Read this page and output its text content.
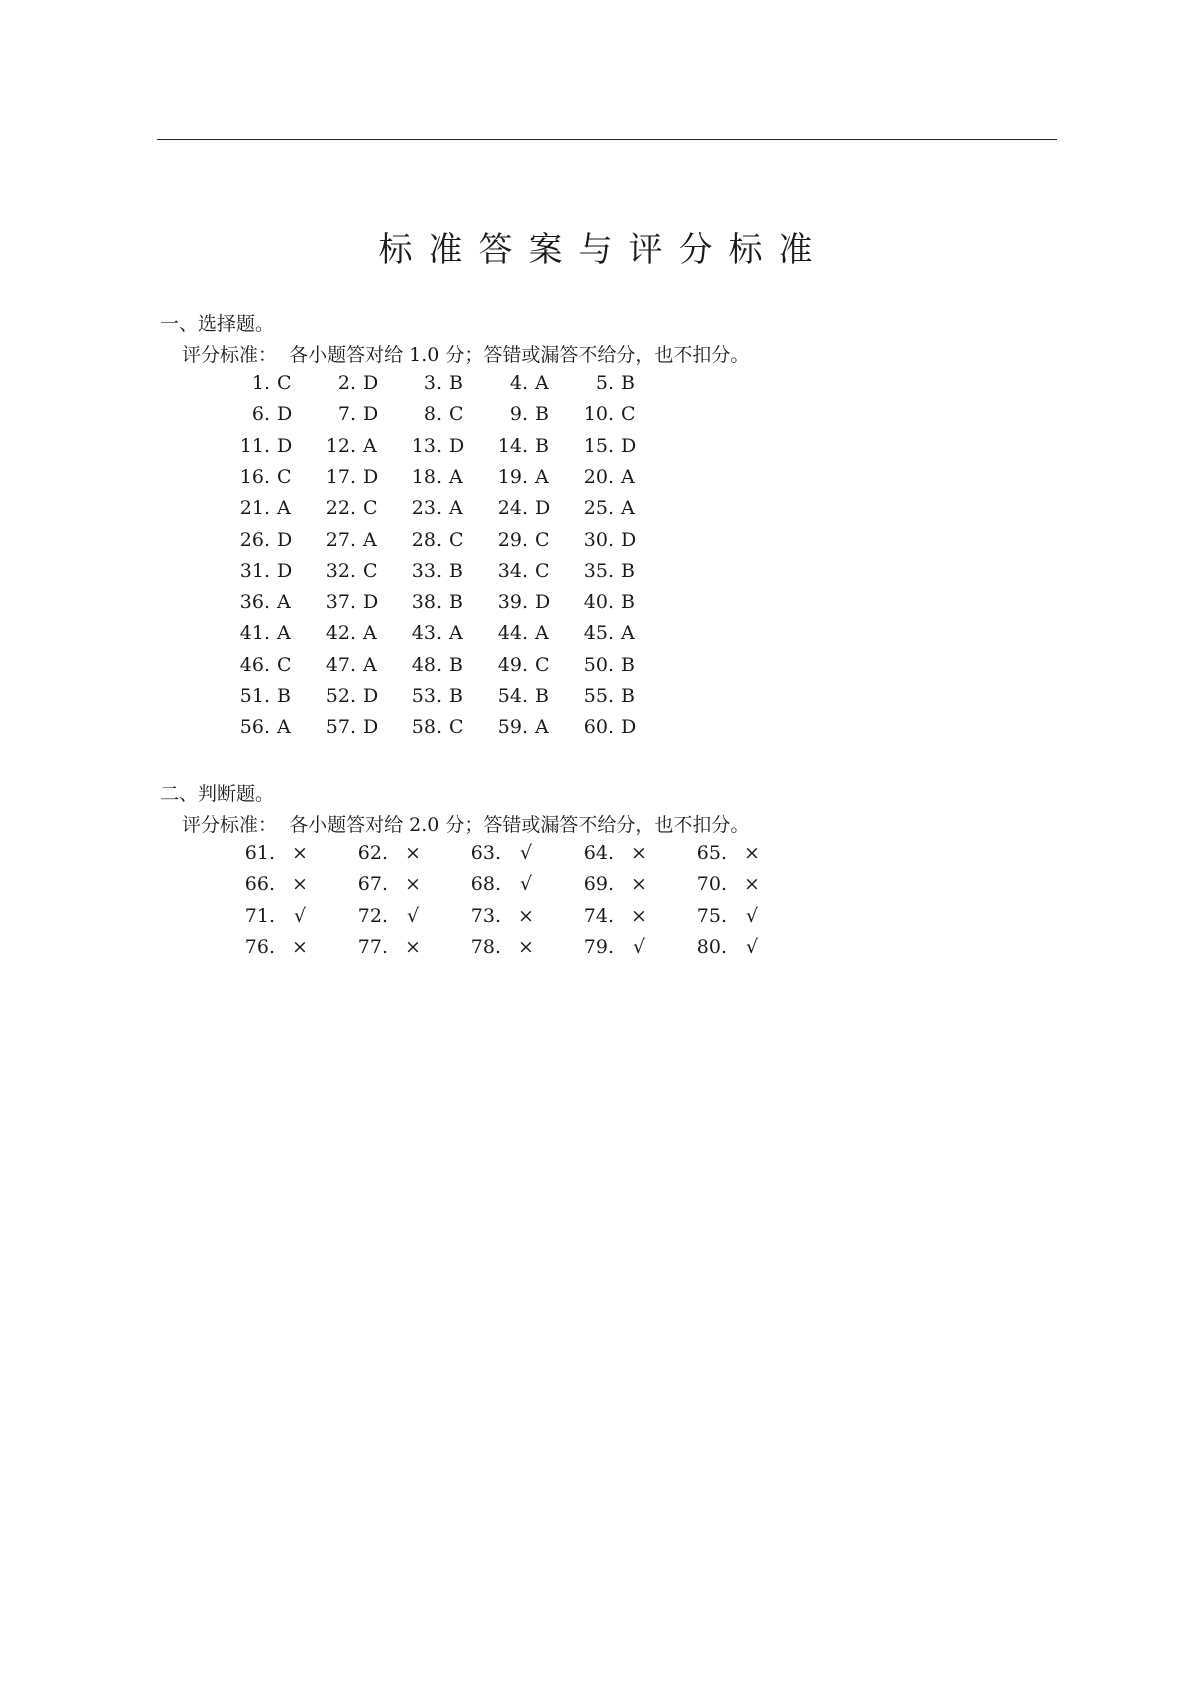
标准答案与评分标准
一、选择题。
评分标准：  各小题答对给 1.0 分；答错或漏答不给分，也不扣分。
1. C	2. D	3. B	4. A	5. B
6. D	7. D	8. C	9. B	10. C
11. D	12. A	13. D	14. B	15. D
16. C	17. D	18. A	19. A	20. A
21. A	22. C	23. A	24. D	25. A
26. D	27. A	28. C	29. C	30. D
31. D	32. C	33. B	34. C	35. B
36. A	37. D	38. B	39. D	40. B
41. A	42. A	43. A	44. A	45. A
46. C	47. A	48. B	49. C	50. B
51. B	52. D	53. B	54. B	55. B
56. A	57. D	58. C	59. A	60. D
二、判断题。
评分标准：  各小题答对给 2.0 分；答错或漏答不给分，也不扣分。
61. ×	62. ×	63. √	64. ×	65. ×
66. ×	67. ×	68. √	69. ×	70. ×
71. √	72. √	73. ×	74. ×	75. √
76. ×	77. ×	78. ×	79. √	80. √
